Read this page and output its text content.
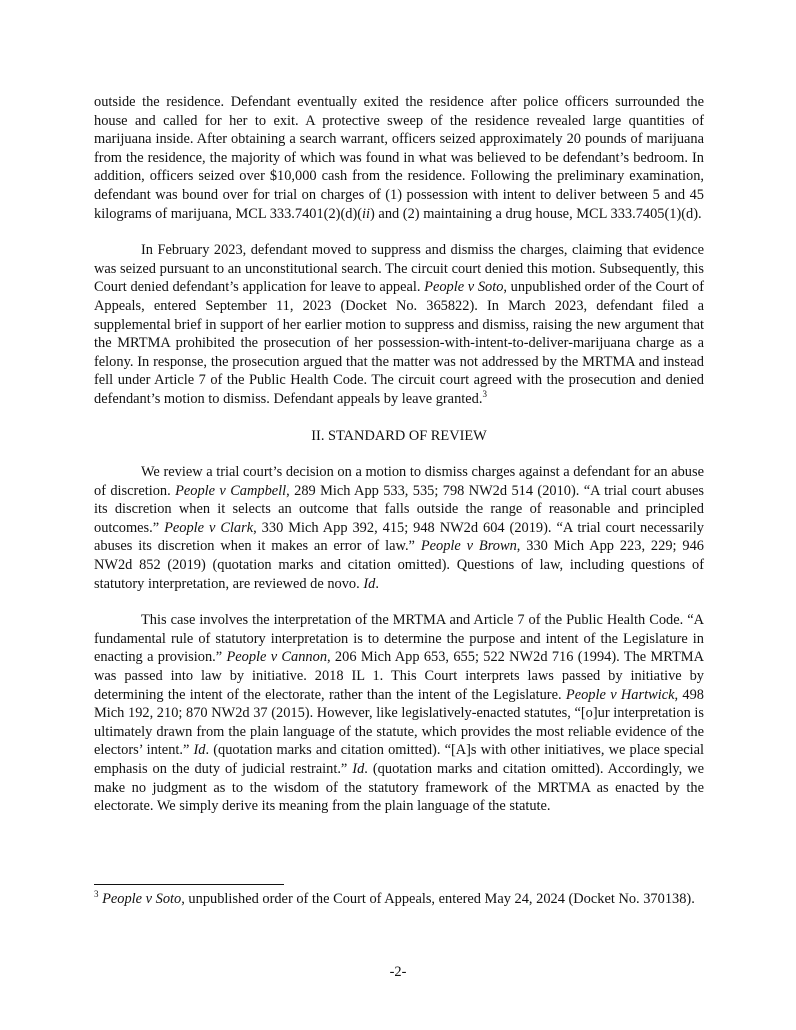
outside the residence. Defendant eventually exited the residence after police officers surrounded the house and called for her to exit. A protective sweep of the residence revealed large quantities of marijuana inside. After obtaining a search warrant, officers seized approximately 20 pounds of marijuana from the residence, the majority of which was found in what was believed to be defendant’s bedroom. In addition, officers seized over $10,000 cash from the residence. Following the preliminary examination, defendant was bound over for trial on charges of (1) possession with intent to deliver between 5 and 45 kilograms of marijuana, MCL 333.7401(2)(d)(ii) and (2) maintaining a drug house, MCL 333.7405(1)(d).

In February 2023, defendant moved to suppress and dismiss the charges, claiming that evidence was seized pursuant to an unconstitutional search. The circuit court denied this motion. Subsequently, this Court denied defendant’s application for leave to appeal. People v Soto, unpublished order of the Court of Appeals, entered September 11, 2023 (Docket No. 365822). In March 2023, defendant filed a supplemental brief in support of her earlier motion to suppress and dismiss, raising the new argument that the MRTMA prohibited the prosecution of her possession-with-intent-to-deliver-marijuana charge as a felony. In response, the prosecution argued that the matter was not addressed by the MRTMA and instead fell under Article 7 of the Public Health Code. The circuit court agreed with the prosecution and denied defendant’s motion to dismiss. Defendant appeals by leave granted.$^3$

II. STANDARD OF REVIEW

We review a trial court’s decision on a motion to dismiss charges against a defendant for an abuse of discretion. People v Campbell, 289 Mich App 533, 535; 798 NW2d 514 (2010). “A trial court abuses its discretion when it selects an outcome that falls outside the range of reasonable and principled outcomes.” People v Clark, 330 Mich App 392, 415; 948 NW2d 604 (2019). “A trial court necessarily abuses its discretion when it makes an error of law.” People v Brown, 330 Mich App 223, 229; 946 NW2d 852 (2019) (quotation marks and citation omitted). Questions of law, including questions of statutory interpretation, are reviewed de novo. Id.

This case involves the interpretation of the MRTMA and Article 7 of the Public Health Code. “A fundamental rule of statutory interpretation is to determine the purpose and intent of the Legislature in enacting a provision.” People v Cannon, 206 Mich App 653, 655; 522 NW2d 716 (1994). The MRTMA was passed into law by initiative. 2018 IL 1. This Court interprets laws passed by initiative by determining the intent of the electorate, rather than the intent of the Legislature. People v Hartwick, 498 Mich 192, 210; 870 NW2d 37 (2015). However, like legislatively-enacted statutes, “[o]ur interpretation is ultimately drawn from the plain language of the statute, which provides the most reliable evidence of the electors’ intent.” Id. (quotation marks and citation omitted). “[A]s with other initiatives, we place special emphasis on the duty of judicial restraint.” Id. (quotation marks and citation omitted). Accordingly, we make no judgment as to the wisdom of the statutory framework of the MRTMA as enacted by the electorate. We simply derive its meaning from the plain language of the statute.

$^3$ People v Soto, unpublished order of the Court of Appeals, entered May 24, 2024 (Docket No. 370138).
-2-
